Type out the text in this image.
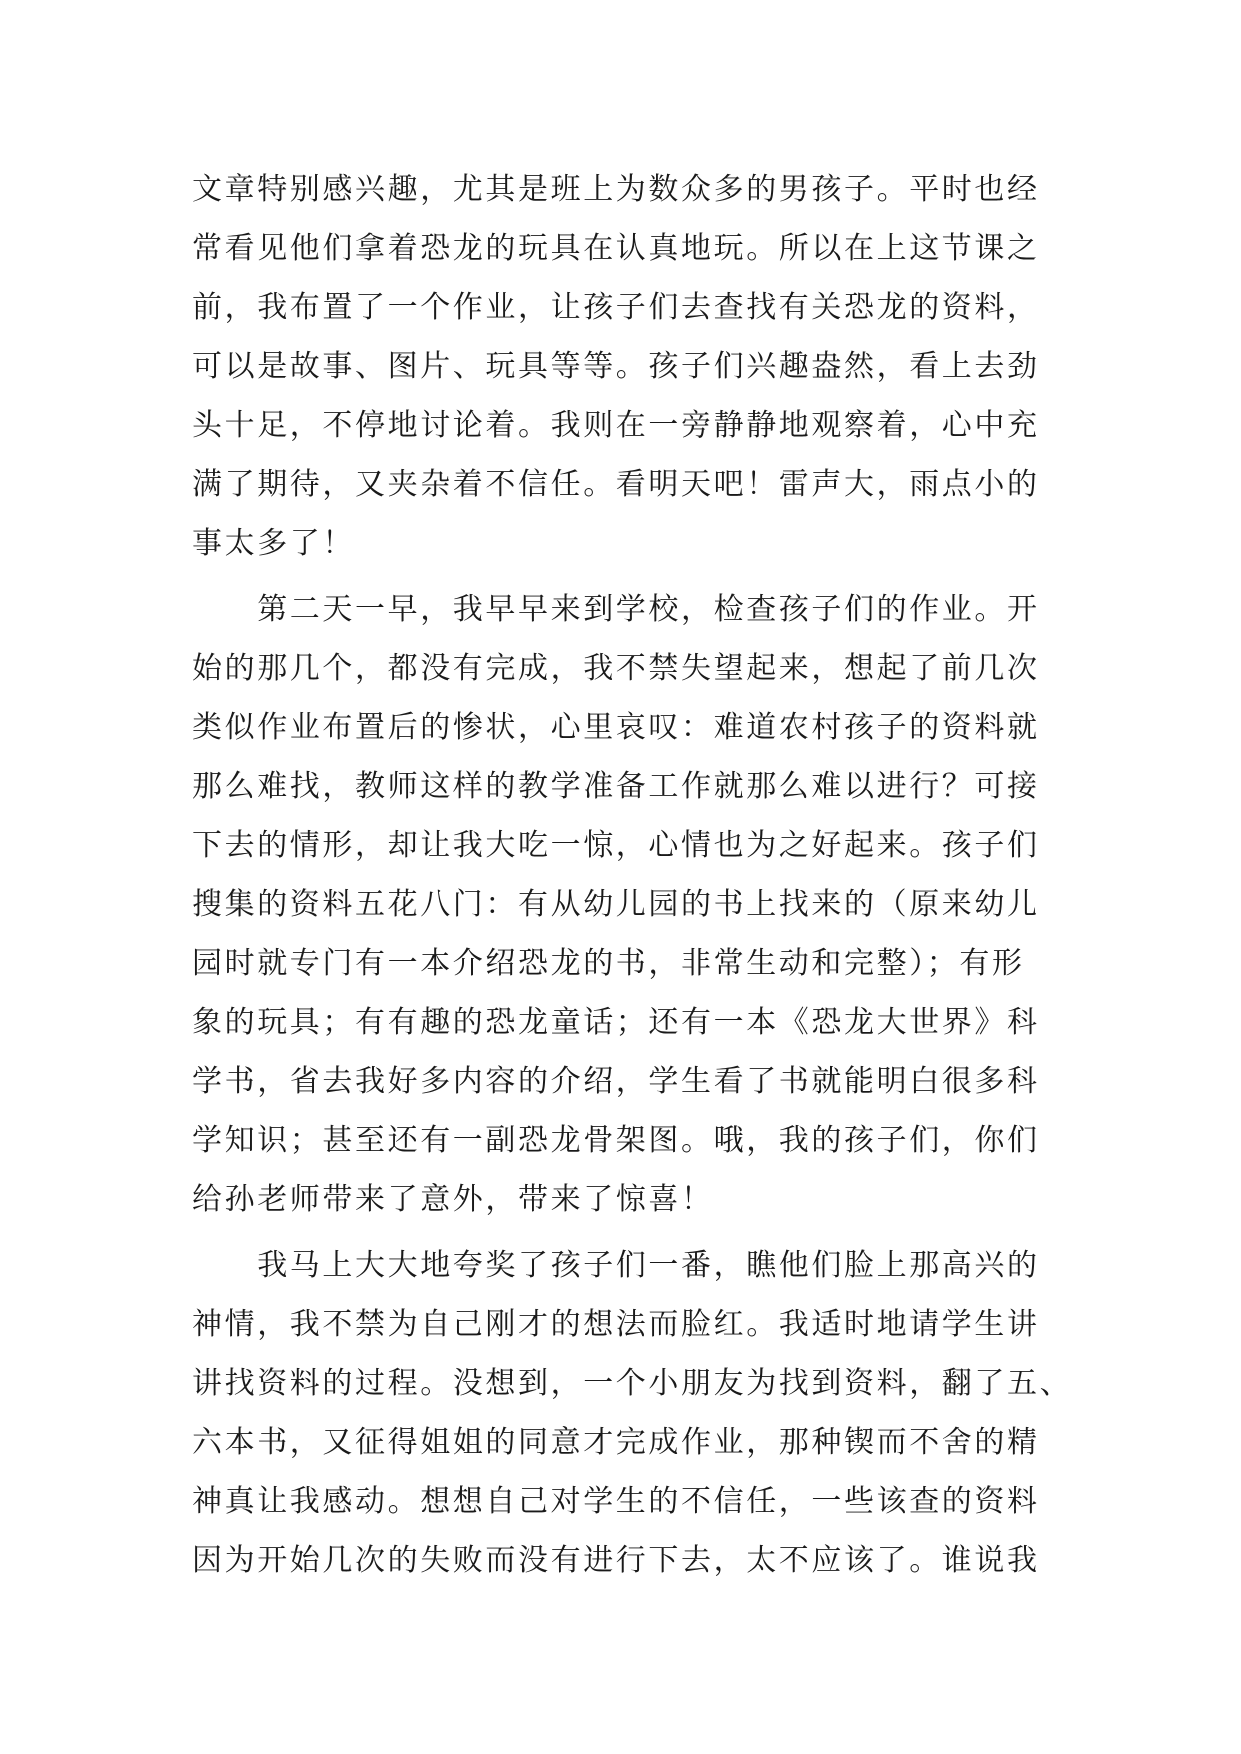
文章特别感兴趣，尤其是班上为数众多的男孩子。平时也经
常看见他们拿着恐龙的玩具在认真地玩。所以在上这节课之
前，我布置了一个作业，让孩子们去查找有关恐龙的资料，
可以是故事、图片、玩具等等。孩子们兴趣盎然，看上去劲
头十足，不停地讨论着。我则在一旁静静地观察着，心中充
满了期待，又夹杂着不信任。看明天吧！雷声大，雨点小的
事太多了！
　　第二天一早，我早早来到学校，检查孩子们的作业。开
始的那几个，都没有完成，我不禁失望起来，想起了前几次
类似作业布置后的惨状，心里哀叹：难道农村孩子的资料就
那么难找，教师这样的教学准备工作就那么难以进行？可接
下去的情形，却让我大吃一惊，心情也为之好起来。孩子们
搜集的资料五花八门：有从幼儿园的书上找来的（原来幼儿
园时就专门有一本介绍恐龙的书，非常生动和完整）；有形
象的玩具；有有趣的恐龙童话；还有一本《恐龙大世界》科
学书，省去我好多内容的介绍，学生看了书就能明白很多科
学知识；甚至还有一副恐龙骨架图。哦，我的孩子们，你们
给孙老师带来了意外，带来了惊喜！
　　我马上大大地夸奖了孩子们一番，瞧他们脸上那高兴的
神情，我不禁为自己刚才的想法而脸红。我适时地请学生讲
讲找资料的过程。没想到，一个小朋友为找到资料，翻了五、
六本书，又征得姐姐的同意才完成作业，那种锲而不舍的精
神真让我感动。想想自己对学生的不信任，一些该查的资料
因为开始几次的失败而没有进行下去，太不应该了。谁说我
